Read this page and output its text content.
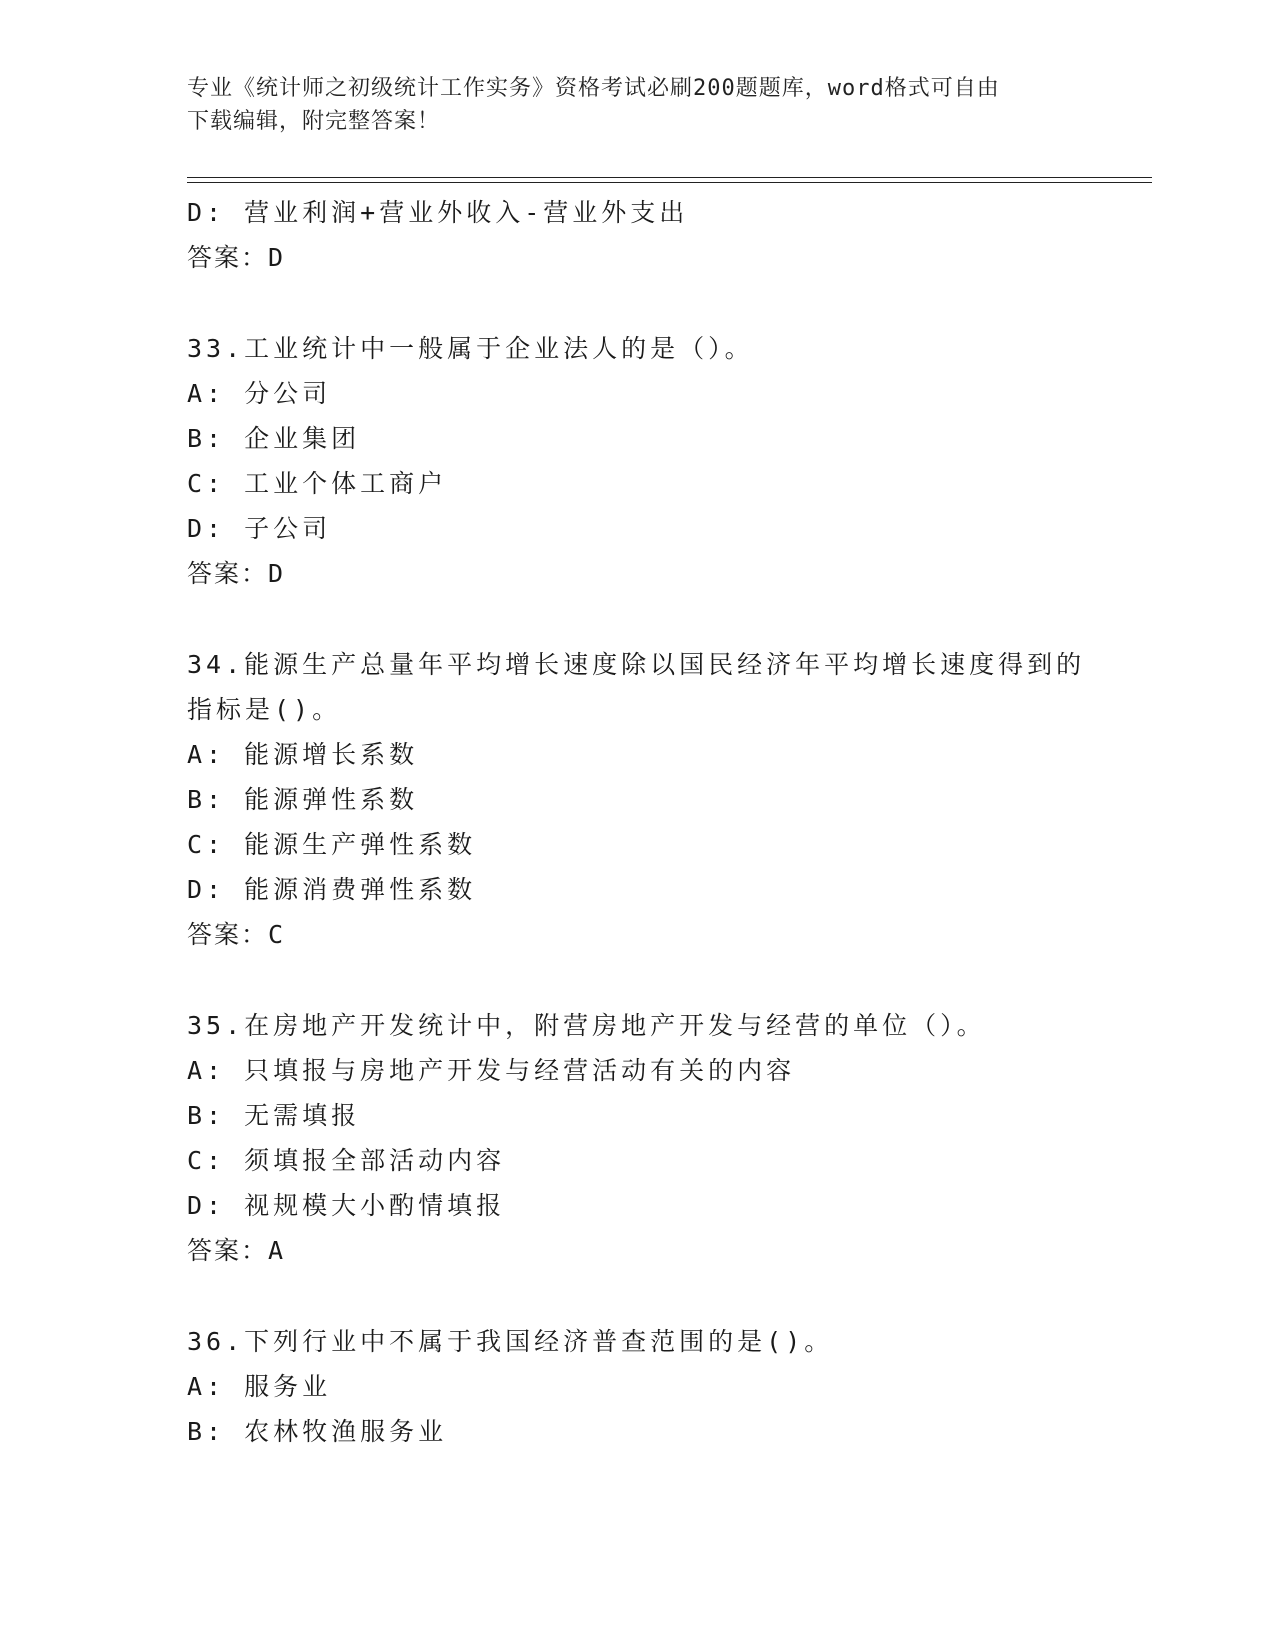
专业《统计师之初级统计工作实务》资格考试必刷200题题库，word格式可自由
下载编辑，附完整答案！
D: 营业利润+营业外收入-营业外支出
答案：D
33.工业统计中一般属于企业法人的是（）。
A: 分公司
B: 企业集团
C: 工业个体工商户
D: 子公司
答案：D
34.能源生产总量年平均增长速度除以国民经济年平均增长速度得到的
指标是()。
A: 能源增长系数
B: 能源弹性系数
C: 能源生产弹性系数
D: 能源消费弹性系数
答案：C
35.在房地产开发统计中，附营房地产开发与经营的单位（）。
A: 只填报与房地产开发与经营活动有关的内容
B: 无需填报
C: 须填报全部活动内容
D: 视规模大小酌情填报
答案：A
36.下列行业中不属于我国经济普查范围的是()。
A: 服务业
B: 农林牧渔服务业
